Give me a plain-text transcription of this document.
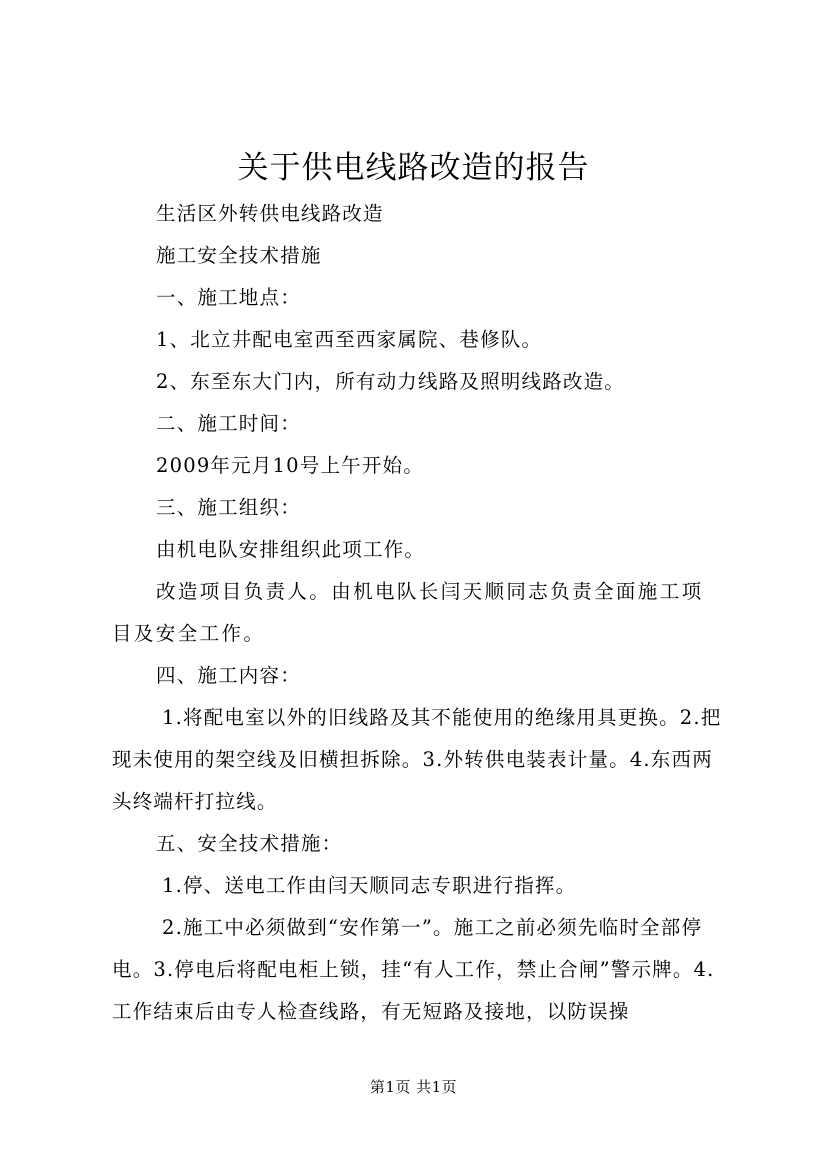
关于供电线路改造的报告

生活区外转供电线路改造

施工安全技术措施

一、施工地点：

1、北立井配电室西至西家属院、巷修队。

2、东至东大门内，所有动力线路及照明线路改造。

二、施工时间：

2009年元月10号上午开始。

三、施工组织：

由机电队安排组织此项工作。

改造项目负责人。由机电队长闫天顺同志负责全面施工项目及安全工作。

四、施工内容：

1.将配电室以外的旧线路及其不能使用的绝缘用具更换。2.把现未使用的架空线及旧横担拆除。3.外转供电装表计量。4.东西两头终端杆打拉线。

五、安全技术措施：

1.停、送电工作由闫天顺同志专职进行指挥。

2.施工中必须做到“安作第一”。施工之前必须先临时全部停电。3.停电后将配电柜上锁，挂“有人工作，禁止合闸”警示牌。4.工作结束后由专人检查线路，有无短路及接地，以防误操

第1页 共1页
